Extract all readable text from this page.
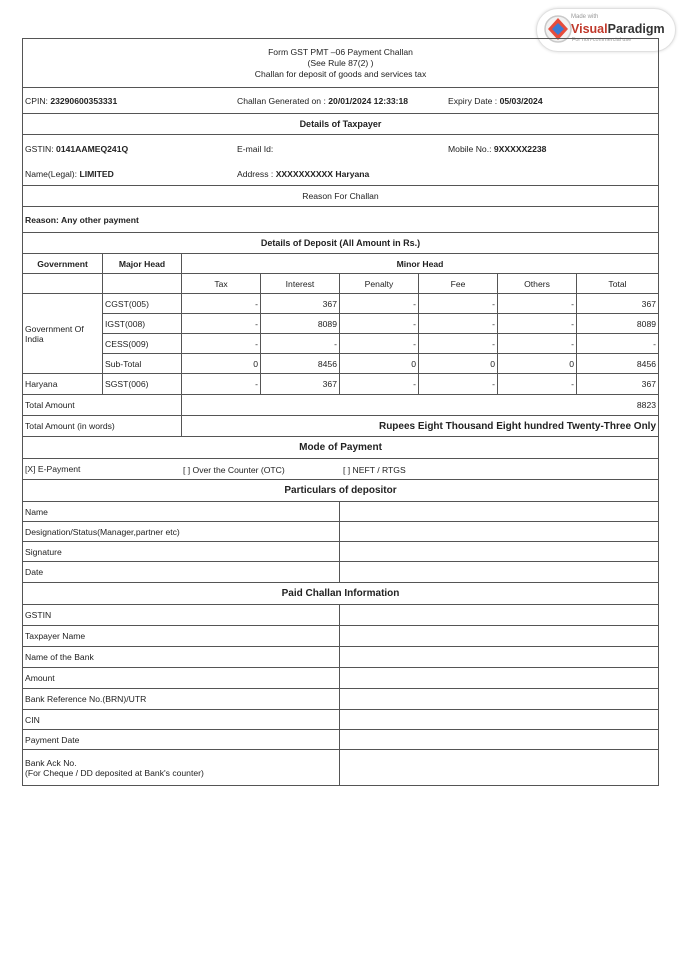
Made with
VisualParadigm
For non-commercial use
Form GST PMT –06 Payment Challan
(See Rule 87(2) )
Challan for deposit of goods and services tax							

CPIN: 23290600353331 Challan Generated on : 20/01/2024 12:33:18 Expiry Date : 05/03/2024							

Details of Taxpayer							
GSTIN: 0141AAMEQ241Q E-mail Id: Mobile No.: 9XXXXX2238							

Name(Legal): LIMITED Address : XXXXXXXXXX Haryana							

Reason For Challan							
Reason: Any other payment							
Details of Deposit (All Amount in Rs.)							
Government	Major Head	Minor Head					
		Tax	Interest	Penalty	Fee	Others	Total
Government Of India	CGST(005)	-	367	-	-	-	367
	IGST(008)	-	8089	-	-	-	8089
	CESS(009)	-	-	-	-	-	-
	Sub-Total	0	8456	0	0	0	8456
Haryana	SGST(006)	-	367	-	-	-	367
Total Amount		8823					
Total Amount (in words)		Rupees Eight Thousand Eight hundred Twenty-Three Only					
Mode of Payment							
[X] E-Payment [ ] Over the Counter (OTC) [ ] NEFT / RTGS							

Particulars of depositor							
Name							
Designation/Status(Manager,partner etc)							
Signature							
Date							
Paid Challan Information							
GSTIN							
Taxpayer Name							
Name of the Bank							
Amount							
Bank Reference No.(BRN)/UTR							
CIN							
Payment Date							

Bank Ack No.
(For Cheque / DD deposited at Bank's counter)							
